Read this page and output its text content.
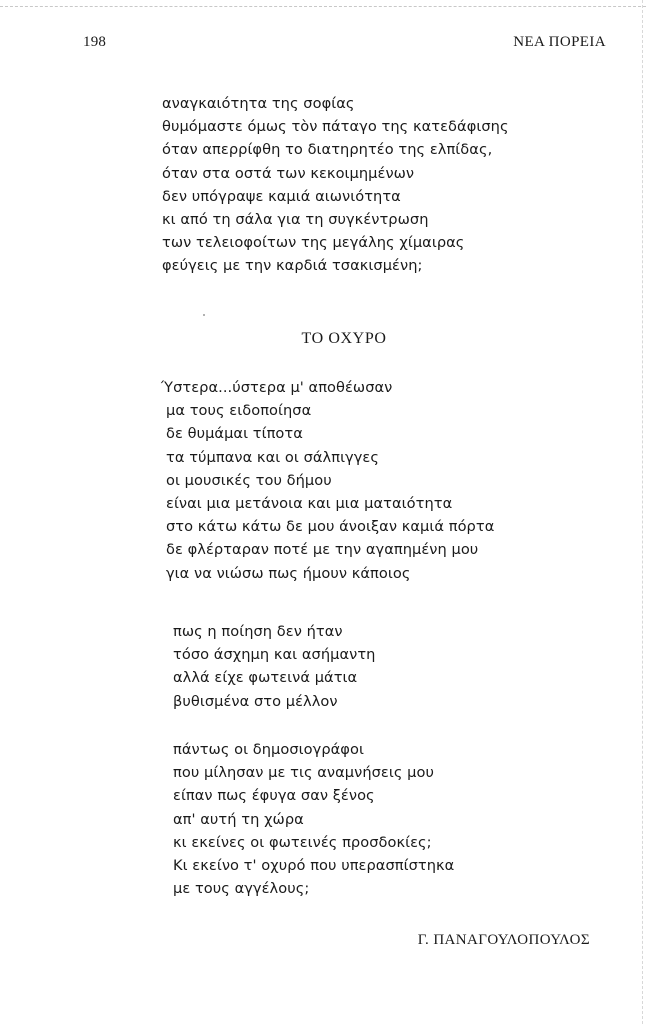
198	ΝΕΑ ΠΟΡΕΙΑ
αναγκαιότητα της σοφίας
θυμόμαστε όμως τὸν πάταγο της κατεδάφισης
όταν απερρίφθη το διατηρητέο της ελπίδας,
όταν στα οστά των κεκοιμημένων
δεν υπόγραψε καμιά αιωνιότητα
κι από τη σάλα για τη συγκέντρωση
των τελειοφοίτων της μεγάλης χίμαιρας
φεύγεις με την καρδιά τσακισμένη;
ΤΟ ΟΧΥΡΟ
Ύστερα...ύστερα μ' αποθέωσαν
μα τους ειδοποίησα
δε θυμάμαι τίποτα
τα τύμπανα και οι σάλπιγγες
οι μουσικές του δήμου
είναι μια μετάνοια και μια ματαιότητα
στο κάτω κάτω δε μου άνοιξαν καμιά πόρτα
δε φλέρταραν ποτέ με την αγαπημένη μου
για να νιώσω πως ήμουν κάποιος
πως η ποίηση δεν ήταν
τόσο άσχημη και ασήμαντη
αλλά είχε φωτεινά μάτια
βυθισμένα στο μέλλον
πάντως οι δημοσιογράφοι
που μίλησαν με τις αναμνήσεις μου
είπαν πως έφυγα σαν ξένος
απ' αυτή τη χώρα
κι εκείνες οι φωτεινές προσδοκίες;
Κι εκείνο τ' οχυρό που υπερασπίστηκα
με τους αγγέλους;
Γ. ΠΑΝΑΓΟΥΛΟΠΟΥΛΟΣ
